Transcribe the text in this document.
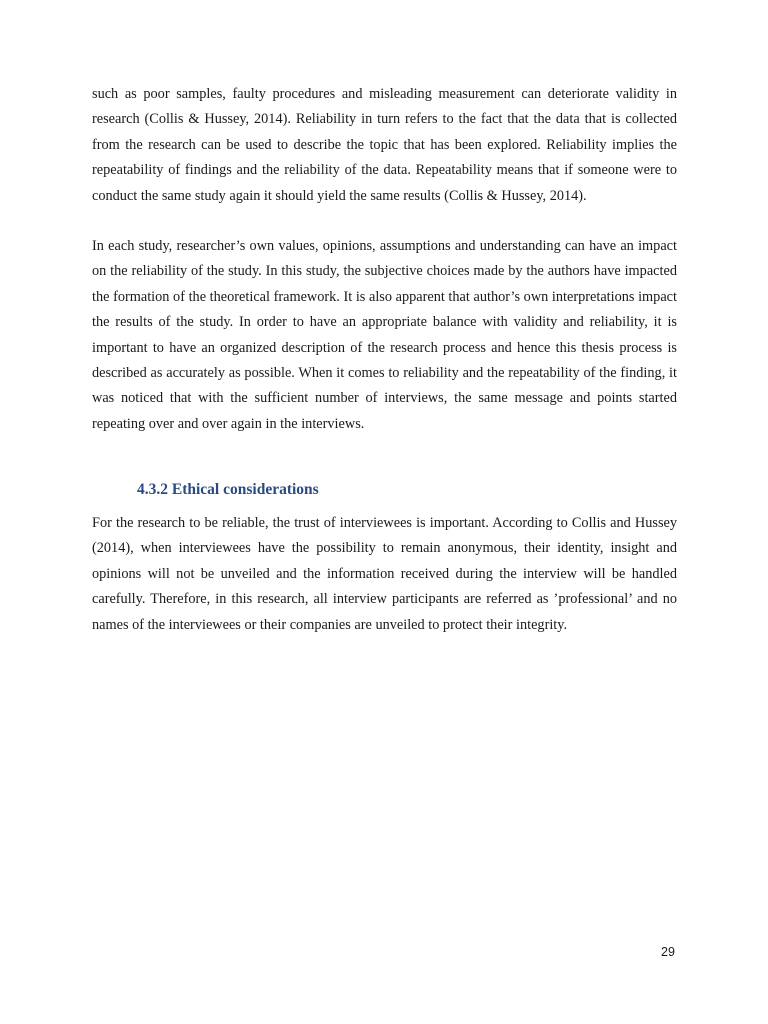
such as poor samples, faulty procedures and misleading measurement can deteriorate validity in research (Collis & Hussey, 2014). Reliability in turn refers to the fact that the data that is collected from the research can be used to describe the topic that has been explored. Reliability implies the repeatability of findings and the reliability of the data. Repeatability means that if someone were to conduct the same study again it should yield the same results (Collis & Hussey, 2014).

In each study, researcher’s own values, opinions, assumptions and understanding can have an impact on the reliability of the study. In this study, the subjective choices made by the authors have impacted the formation of the theoretical framework. It is also apparent that author’s own interpretations impact the results of the study. In order to have an appropriate balance with validity and reliability, it is important to have an organized description of the research process and hence this thesis process is described as accurately as possible. When it comes to reliability and the repeatability of the finding, it was noticed that with the sufficient number of interviews, the same message and points started repeating over and over again in the interviews.

4.3.2 Ethical considerations

For the research to be reliable, the trust of interviewees is important. According to Collis and Hussey (2014), when interviewees have the possibility to remain anonymous, their identity, insight and opinions will not be unveiled and the information received during the interview will be handled carefully. Therefore, in this research, all interview participants are referred as ’professional’ and no names of the interviewees or their companies are unveiled to protect their integrity.

29
